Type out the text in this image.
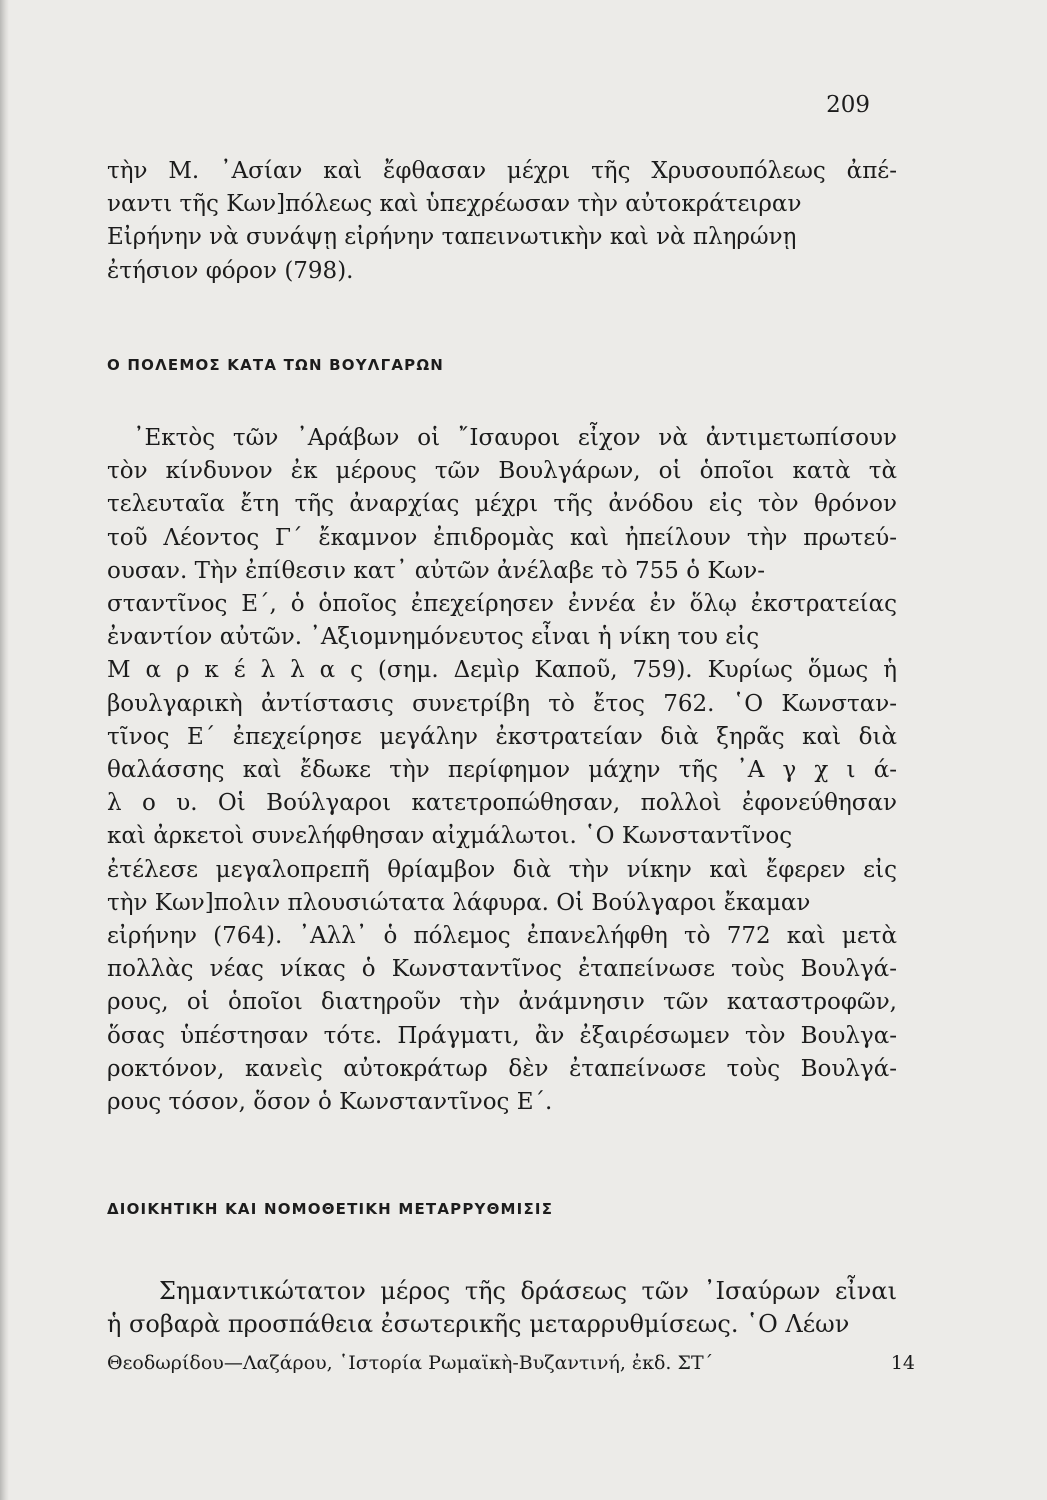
209

τὴν Μ. ᾿Ασίαν καὶ ἔφθασαν μέχρι τῆς Χρυσουπόλεως ἀπέ-
ναντι τῆς Κων]πόλεως καὶ ὑπεχρέωσαν τὴν αὐτοκράτειραν
Εἰρήνην νὰ συνάψῃ εἰρήνην ταπεινωτικὴν καὶ νὰ πληρώνῃ
ἐτήσιον φόρον (798).

Ο ΠΟΛΕΜΟΣ ΚΑΤΑ ΤΩΝ ΒΟΥΛΓΑΡΩΝ

᾿Εκτὸς τῶν ᾿Αράβων οἱ ῎Ισαυροι εἶχον νὰ ἀντιμετωπίσουν
τὸν κίνδυνον ἐκ μέρους τῶν Βουλγάρων, οἱ ὁποῖοι κατὰ τὰ
τελευταῖα ἔτη τῆς ἀναρχίας μέχρι τῆς ἀνόδου εἰς τὸν θρόνον
τοῦ Λέοντος Γ΄ ἔκαμνον ἐπιδρομὰς καὶ ἠπείλουν τὴν πρωτεύ-
ουσαν. Τὴν ἐπίθεσιν κατ᾿ αὐτῶν ἀνέλαβε τὸ 755 ὁ Κων-
σταντῖνος Ε΄, ὁ ὁποῖος ἐπεχείρησεν ἐννέα ἐν ὅλῳ ἐκστρατείας
ἐναντίον αὐτῶν. ᾿Αξιομνημόνευτος εἶναι ἡ νίκη του εἰς
Μ α ρ κ έ λ λ α ς (σημ. Δεμὶρ Καποῦ, 759). Κυρίως ὅμως ἡ
βουλγαρικὴ ἀντίστασις συνετρίβη τὸ ἔτος 762. ῾Ο Κωνσταν-
τῖνος Ε΄ ἐπεχείρησε μεγάλην ἐκστρατείαν διὰ ξηρᾶς καὶ διὰ
θαλάσσης καὶ ἔδωκε τὴν περίφημον μάχην τῆς ᾿Α γ χ ι ά-
λ ο υ. Οἱ Βούλγαροι κατετροπώθησαν, πολλοὶ ἐφονεύθησαν
καὶ ἀρκετοὶ συνελήφθησαν αἰχμάλωτοι. ῾Ο Κωνσταντῖνος
ἐτέλεσε μεγαλοπρεπῆ θρίαμβον διὰ τὴν νίκην καὶ ἔφερεν εἰς
τὴν Κων]πολιν πλουσιώτατα λάφυρα. Οἱ Βούλγαροι ἔκαμαν
εἰρήνην (764). ᾿Αλλ᾿ ὁ πόλεμος ἐπανελήφθη τὸ 772 καὶ μετὰ
πολλὰς νέας νίκας ὁ Κωνσταντῖνος ἐταπείνωσε τοὺς Βουλγά-
ρους, οἱ ὁποῖοι διατηροῦν τὴν ἀνάμνησιν τῶν καταστροφῶν,
ὅσας ὑπέστησαν τότε. Πράγματι, ἂν ἐξαιρέσωμεν τὸν Βουλγα-
ροκτόνον, κανεὶς αὐτοκράτωρ δὲν ἐταπείνωσε τοὺς Βουλγά-
ρους τόσον, ὅσον ὁ Κωνσταντῖνος Ε΄.

ΔΙΟΙΚΗΤΙΚΗ ΚΑΙ ΝΟΜΟΘΕΤΙΚΗ ΜΕΤΑΡΡΥΘΜΙΣΙΣ

Σημαντικώτατον μέρος τῆς δράσεως τῶν ᾿Ισαύρων εἶναι
ἡ σοβαρὰ προσπάθεια ἐσωτερικῆς μεταρρυθμίσεως. ῾Ο Λέων

Θεοδωρίδου—Λαζάρου, ῾Ιστορία Ρωμαϊκὴ-Βυζαντινή, ἐκδ. ΣΤ΄	14
